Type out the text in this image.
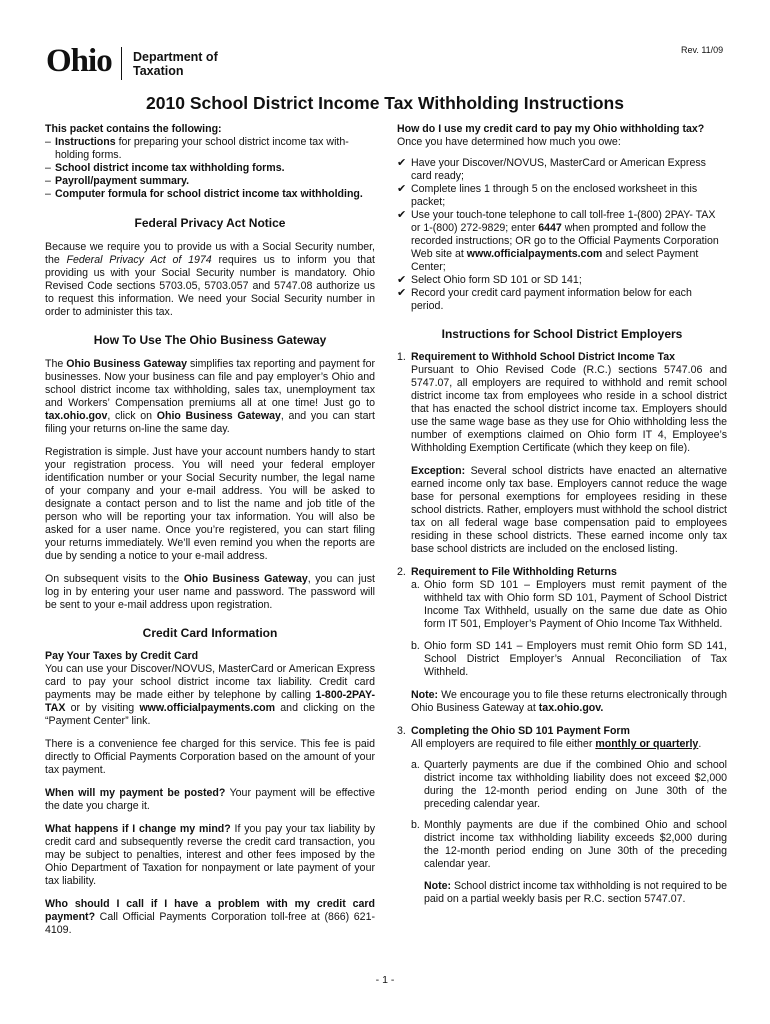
Ohio Department of
Taxation
Rev. 11/09
2010 School District Income Tax Withholding Instructions

This packet contains the following:

– Instructions for preparing your school district income tax withholding forms.
– School district income tax withholding forms.
– Payroll/payment summary.
– Computer formula for school district income tax withholding.

Federal Privacy Act Notice

Because we require you to provide us with a Social Security number, the Federal Privacy Act of 1974 requires us to inform you that providing us with your Social Security number is mandatory. Ohio Revised Code sections 5703.05, 5703.057 and 5747.08 authorize us to request this information. We need your Social Security number in order to administer this tax.

How To Use The Ohio Business Gateway

The Ohio Business Gateway simplifies tax reporting and payment for businesses. Now your business can file and pay employer’s Ohio and school district income tax withholding, sales tax, unemployment tax and Workers’ Compensation premiums all at one time! Just go to tax.ohio.gov, click on Ohio Business Gateway, and you can start filing your returns on-line the same day.

Registration is simple. Just have your account numbers handy to start your registration process. You will need your federal employer identification number or your Social Security number, the legal name of your company and your e-mail address. You will be asked to designate a contact person and to list the name and job title of the person who will be reporting your tax information. You will also be asked for a user name. Once you’re registered, you can start filing your returns immediately. We’ll even remind you when the reports are due by sending a notice to your e-mail address.

On subsequent visits to the Ohio Business Gateway, you can just log in by entering your user name and password. The password will be sent to your e-mail address upon registration.

Credit Card Information

Pay Your Taxes by Credit Card

You can use your Discover/NOVUS, MasterCard or American Express card to pay your school district income tax liability. Credit card payments may be made either by telephone by calling 1-800-2PAY-TAX or by visiting www.officialpayments.com and clicking on the “Payment Center” link.

There is a convenience fee charged for this service. This fee is paid directly to Official Payments Corporation based on the amount of your tax payment.

When will my payment be posted? Your payment will be effective the date you charge it.

What happens if I change my mind? If you pay your tax liability by credit card and subsequently reverse the credit card transaction, you may be subject to penalties, interest and other fees imposed by the Ohio Department of Taxation for nonpayment or late payment of your tax liability.

Who should I call if I have a problem with my credit card payment? Call Official Payments Corporation toll-free at (866) 621-4109.

How do I use my credit card to pay my Ohio withholding tax?

Once you have determined how much you owe:

✔ Have your Discover/NOVUS, MasterCard or American Express card ready;
✔ Complete lines 1 through 5 on the enclosed worksheet in this packet;
✔ Use your touch-tone telephone to call toll-free 1-(800) 2PAY- TAX or 1-(800) 272-9829; enter 6447 when prompted and follow the recorded instructions; OR go to the Official Payments Corporation Web site at www.officialpayments.com and select Payment Center;
✔ Select Ohio form SD 101 or SD 141;
✔ Record your credit card payment information below for each period.

Instructions for School District Employers

1. Requirement to Withhold School District Income Tax

Pursuant to Ohio Revised Code (R.C.) sections 5747.06 and 5747.07, all employers are required to withhold and remit school district income tax from employees who reside in a school district that has enacted the school district income tax. Employers should use the same wage base as they use for Ohio withholding less the number of exemptions claimed on Ohio form IT 4, Employee’s Withholding Exemption Certificate (which they keep on file).

Exception: Several school districts have enacted an alternative earned income only tax base. Employers cannot reduce the wage base for personal exemptions for employees residing in these school districts. Rather, employers must withhold the school district tax on all federal wage base compensation paid to employees residing in these school districts. These earned income only tax base school districts are included on the enclosed listing.

2. Requirement to File Withholding Returns

a. Ohio form SD 101 – Employers must remit payment of the withheld tax with Ohio form SD 101, Payment of School District Income Tax Withheld, usually on the same due date as Ohio form IT 501, Employer’s Payment of Ohio Income Tax Withheld.
b. Ohio form SD 141 – Employers must remit Ohio form SD 141, School District Employer’s Annual Reconciliation of Tax Withheld.

Note: We encourage you to file these returns electronically through Ohio Business Gateway at tax.ohio.gov.

3. Completing the Ohio SD 101 Payment Form

All employers are required to file either monthly or quarterly.

a. Quarterly payments are due if the combined Ohio and school district income tax withholding liability does not exceed $2,000 during the 12-month period ending on June 30th of the preceding calendar year.
b. Monthly payments are due if the combined Ohio and school district income tax withholding liability exceeds $2,000 during the 12-month period ending on June 30th of the preceding calendar year.

Note: School district income tax withholding is not required to be paid on a partial weekly basis per R.C. section 5747.07.

- 1 -
